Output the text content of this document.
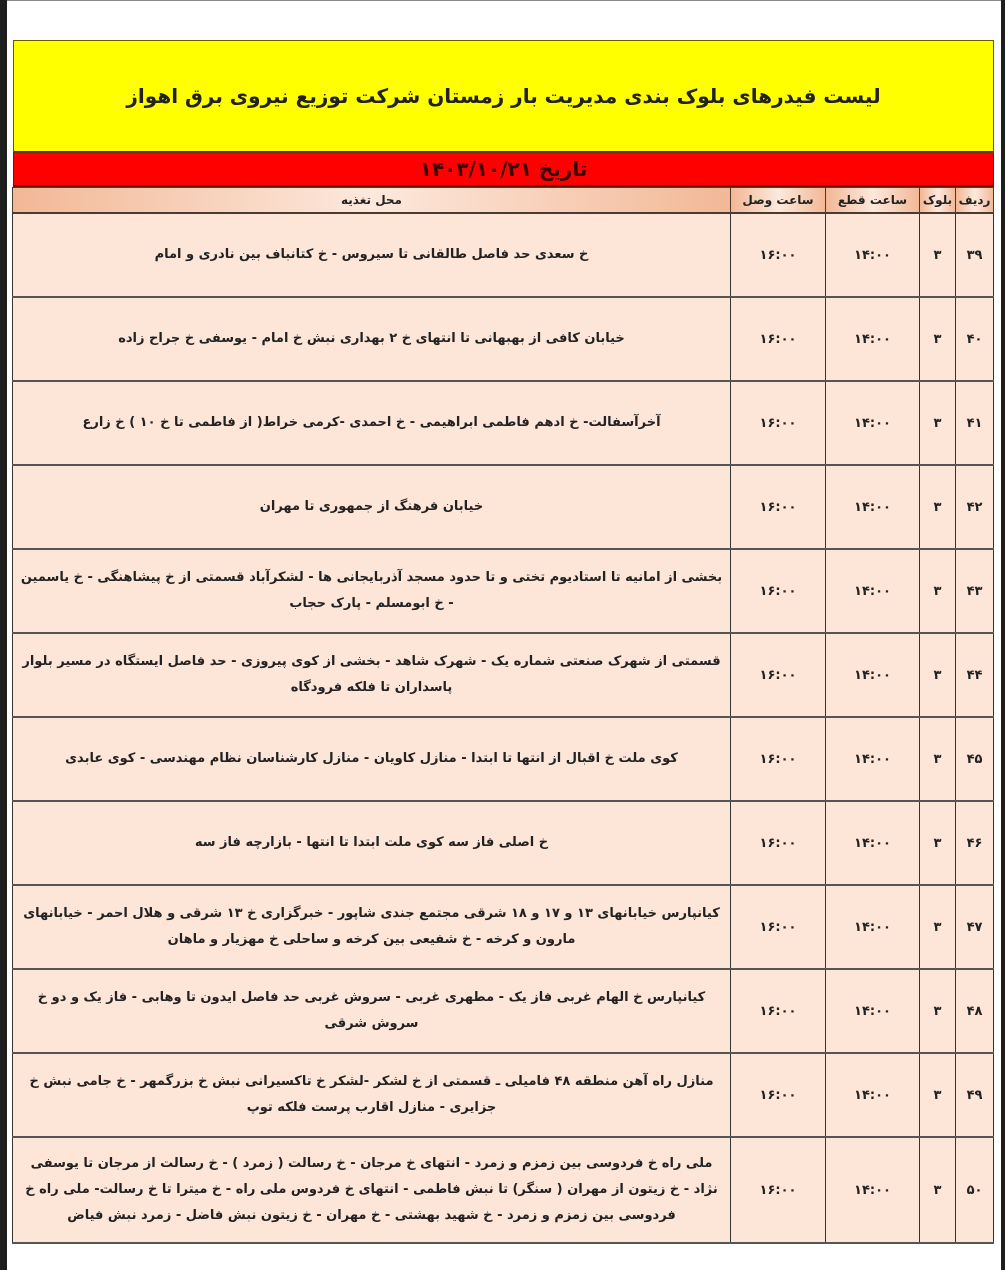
لیست فیدرهای بلوک بندی مدیریت بار زمستان شرکت توزیع نیروی برق اهواز
تاریخ ۱۴۰۳/۱۰/۲۱
ردیف	بلوک	ساعت قطع	ساعت وصل	محل تغذیه
۳۹	۳	۱۴:۰۰	۱۶:۰۰	خ سعدی حد فاصل طالقانی تا سیروس - خ کتانباف بین نادری و امام
۴۰	۳	۱۴:۰۰	۱۶:۰۰	خیابان کافی از بهبهانی تا انتهای خ ۲ بهداری نبش خ امام - یوسفی خ جراح زاده
۴۱	۳	۱۴:۰۰	۱۶:۰۰	آخرآسفالت- خ ادهم فاطمی ابراهیمی - خ احمدی -کرمی خراط( از فاطمی تا خ ۱۰ ) خ زارع
۴۲	۳	۱۴:۰۰	۱۶:۰۰	خیابان فرهنگ از جمهوری تا مهران
۴۳	۳	۱۴:۰۰	۱۶:۰۰	بخشی از امانیه تا استادیوم تختی و تا حدود مسجد آذربایجانی ها - لشکرآباد قسمتی از خ پیشاهنگی - خ یاسمین - خ ابومسلم - پارک حجاب
۴۴	۳	۱۴:۰۰	۱۶:۰۰	قسمتی از شهرک صنعتی شماره یک - شهرک شاهد - بخشی از کوی پیروزی - حد فاصل ایستگاه در مسیر بلوار پاسداران تا فلکه فرودگاه
۴۵	۳	۱۴:۰۰	۱۶:۰۰	کوی ملت خ اقبال از انتها تا ابتدا - منازل کاویان - منازل کارشناسان نظام مهندسی - کوی عابدی
۴۶	۳	۱۴:۰۰	۱۶:۰۰	خ اصلی فاز سه کوی ملت ابتدا تا انتها - بازارچه فاز سه
۴۷	۳	۱۴:۰۰	۱۶:۰۰	کیانپارس خیابانهای ۱۳ و ۱۷ و ۱۸ شرقی مجتمع جندی شاپور - خبرگزاری خ ۱۳ شرقی و هلال احمر - خیابانهای مارون و کرخه - خ شفیعی بین کرخه و ساحلی خ مهزیار و ماهان
۴۸	۳	۱۴:۰۰	۱۶:۰۰	کیانپارس خ الهام غربی فاز یک - مطهری غربی - سروش غربی حد فاصل ایدون تا وهابی - فاز یک و دو خ سروش شرقی
۴۹	۳	۱۴:۰۰	۱۶:۰۰	منازل راه آهن منطقه ۴۸ فامیلی ـ قسمتی از خ لشکر -لشکر خ تاکسیرانی نبش خ بزرگمهر - خ جامی نبش خ جزایری - منازل اقارب پرست فلکه توپ
۵۰	۳	۱۴:۰۰	۱۶:۰۰	ملی راه خ فردوسی بین زمزم و زمرد - انتهای خ مرجان - خ رسالت ( زمرد ) - خ رسالت از مرجان تا یوسفی نژاد - خ زیتون از مهران ( سنگر) تا نبش فاطمی - انتهای خ فردوس ملی راه - خ میترا تا خ رسالت- ملی راه خ فردوسی بین زمزم و زمرد - خ شهید بهشتی - خ مهران - خ زیتون نبش فاضل - زمرد نبش فیاض
